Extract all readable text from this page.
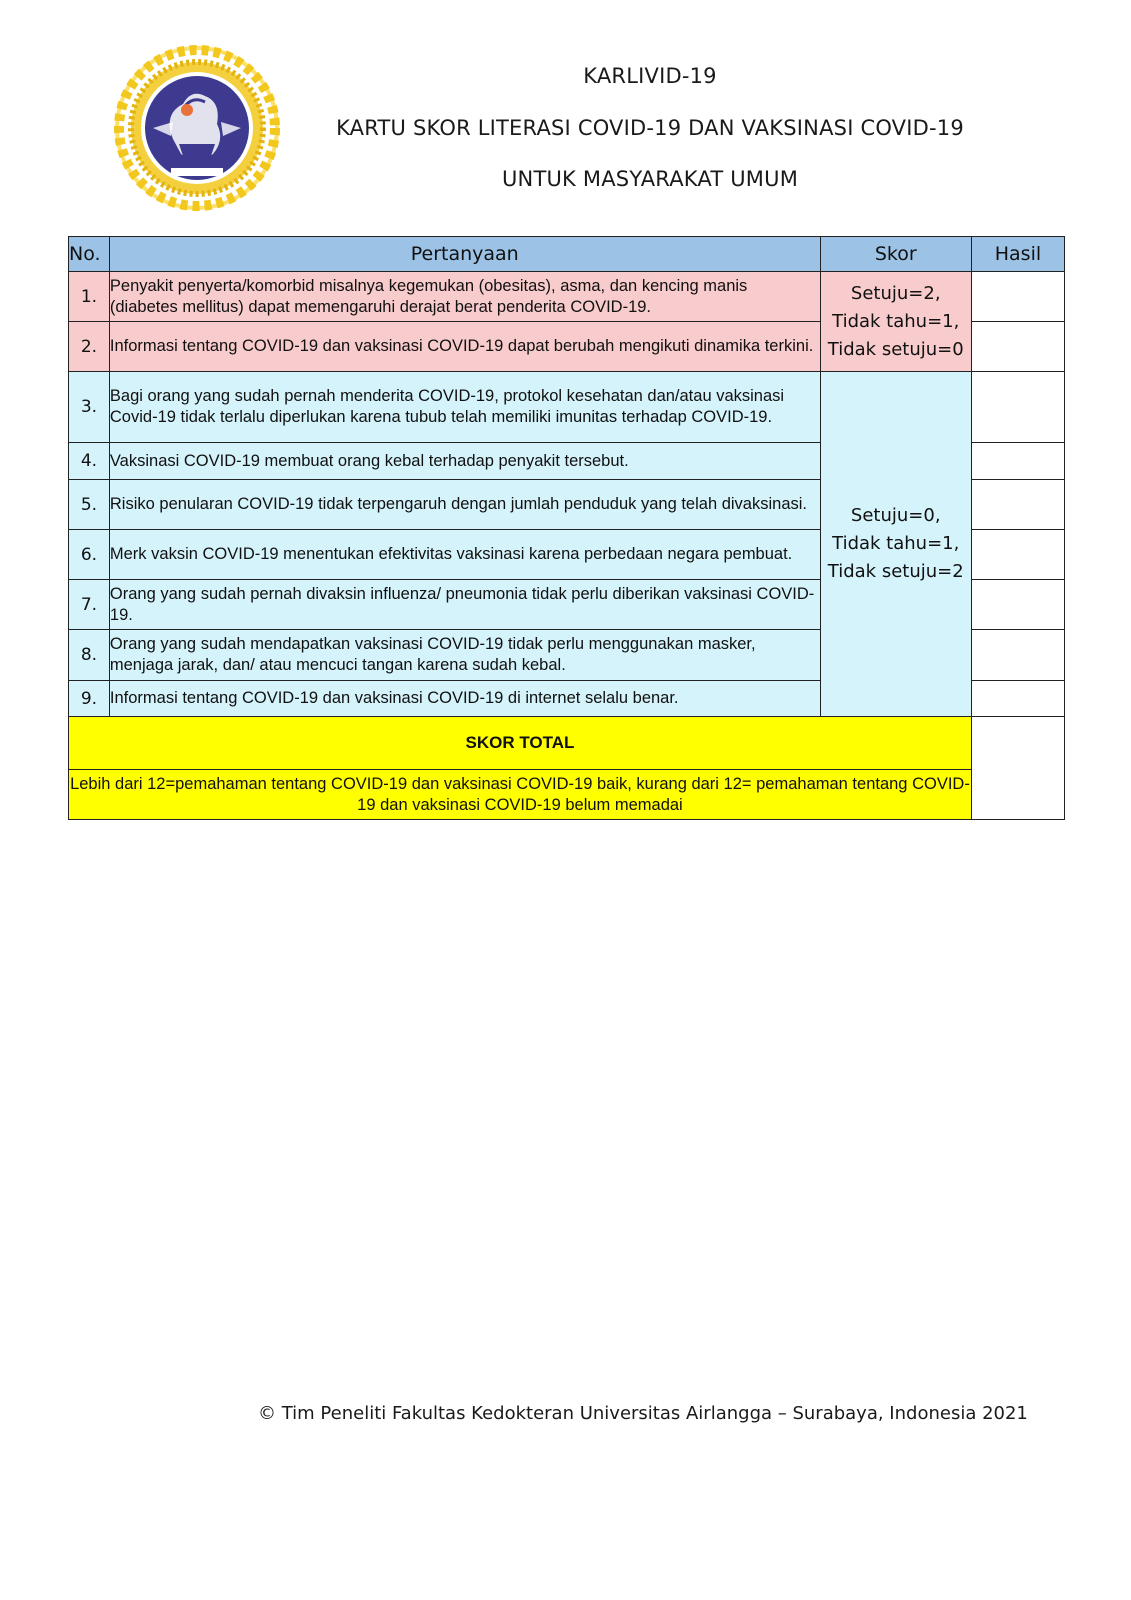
KARLIVID-19
KARTU SKOR LITERASI COVID-19 DAN VAKSINASI COVID-19
UNTUK MASYARAKAT UMUM
No.	Pertanyaan	Skor	Hasil
1.	Penyakit penyerta/komorbid misalnya kegemukan (obesitas), asma, dan kencing manis (diabetes mellitus) dapat memengaruhi derajat berat penderita COVID-19.	Setuju=2,
Tidak tahu=1,
Tidak setuju=0	

2.	Informasi tentang COVID-19 dan vaksinasi COVID-19 dapat berubah mengikuti dinamika terkini.		
3.	Bagi orang yang sudah pernah menderita COVID-19, protokol kesehatan dan/atau vaksinasi Covid-19 tidak terlalu diperlukan karena tubub telah memiliki imunitas terhadap COVID-19.	Setuju=0,
Tidak tahu=1,
Tidak setuju=2	

4.	Vaksinasi COVID-19 membuat orang kebal terhadap penyakit tersebut.		
5.	Risiko penularan COVID-19 tidak terpengaruh dengan jumlah penduduk yang telah divaksinasi.		
6.	Merk vaksin COVID-19 menentukan efektivitas vaksinasi karena perbedaan negara pembuat.		
7.	Orang yang sudah pernah divaksin influenza/ pneumonia tidak perlu diberikan vaksinasi COVID-19.		
8.	Orang yang sudah mendapatkan vaksinasi COVID-19 tidak perlu menggunakan masker, menjaga jarak, dan/ atau mencuci tangan karena sudah kebal.		
9.	Informasi tentang COVID-19 dan vaksinasi COVID-19 di internet selalu benar.		
SKOR TOTAL			
Lebih dari 12=pemahaman tentang COVID-19 dan vaksinasi COVID-19 baik, kurang dari 12= pemahaman tentang COVID-19 dan vaksinasi COVID-19 belum memadai			
© Tim Peneliti Fakultas Kedokteran Universitas Airlangga – Surabaya, Indonesia 2021
